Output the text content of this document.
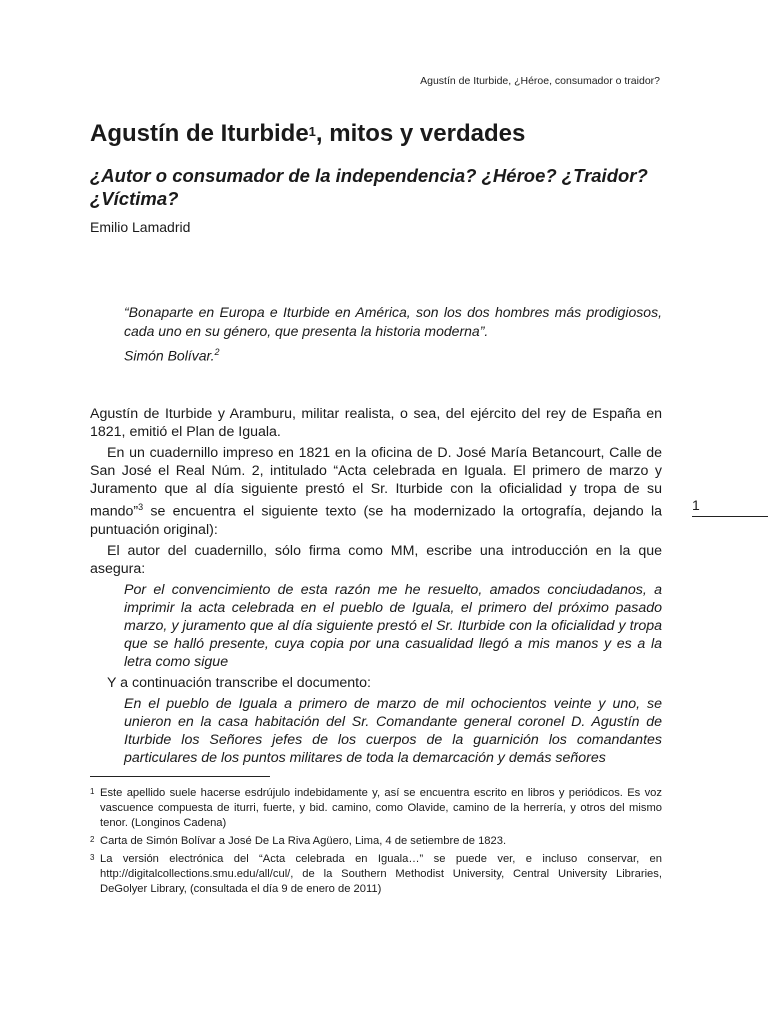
Agustín de Iturbide, ¿Héroe, consumador o traidor?
Agustín de Iturbide$^1$, mitos y verdades
¿Autor o consumador de la independencia? ¿Héroe? ¿Traidor? ¿Víctima?
Emilio Lamadrid

“Bonaparte en Europa e Iturbide en América, son los dos hombres más prodigiosos, cada uno en su género, que presenta la historia moderna”.

Simón Bolívar.$^2$

Agustín de Iturbide y Aramburu, militar realista, o sea, del ejército del rey de España en 1821, emitió el Plan de Iguala.

En un cuadernillo impreso en 1821 en la oficina de D. José María Betancourt, Calle de San José el Real Núm. 2, intitulado “Acta celebrada en Iguala. El primero de marzo y Juramento que al día siguiente prestó el Sr. Iturbide con la oficialidad y tropa de su mando”$^3$ se encuentra el siguiente texto (se ha modernizado la ortografía, dejando la puntuación original):

El autor del cuadernillo, sólo firma como MM, escribe una introducción en la que asegura:

Por el convencimiento de esta razón me he resuelto, amados conciudadanos, a imprimir la acta celebrada en el pueblo de Iguala, el primero del próximo pasado marzo, y juramento que al día siguiente prestó el Sr. Iturbide con la oficialidad y tropa que se halló presente, cuya copia por una casualidad llegó a mis manos y es a la letra como sigue

Y a continuación transcribe el documento:

En el pueblo de Iguala a primero de marzo de mil ochocientos veinte y uno, se unieron en la casa habitación del Sr. Comandante general coronel D. Agustín de Iturbide los Señores jefes de los cuerpos de la guarnición los comandantes particulares de los puntos militares de toda la demarcación y demás señores

1
1 Este apellido suele hacerse esdrújulo indebidamente y, así se encuentra escrito en libros y periódicos. Es voz vascuence compuesta de iturri, fuerte, y bid. camino, como Olavide, camino de la herrería, y otros del mismo tenor. (Longinos Cadena)
2 Carta de Simón Bolívar a José De La Riva Agüero, Lima, 4 de setiembre de 1823.
3 La versión electrónica del “Acta celebrada en Iguala…” se puede ver, e incluso conservar, en http://digitalcollections.smu.edu/all/cul/, de la Southern Methodist University, Central University Libraries, DeGolyer Library, (consultada el día 9 de enero de 2011)
